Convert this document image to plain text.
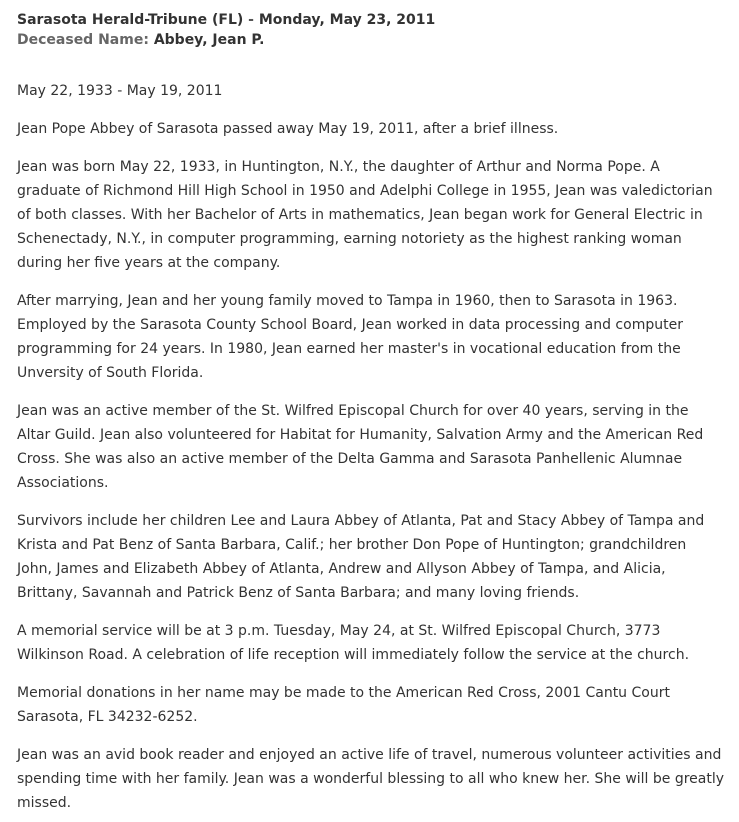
Sarasota Herald-Tribune (FL) - Monday, May 23, 2011
Deceased Name: Abbey, Jean P.
May 22, 1933 - May 19, 2011

Jean Pope Abbey of Sarasota passed away May 19, 2011, after a brief illness.

Jean was born May 22, 1933, in Huntington, N.Y., the daughter of Arthur and Norma Pope. A graduate of Richmond Hill High School in 1950 and Adelphi College in 1955, Jean was valedictorian of both classes. With her Bachelor of Arts in mathematics, Jean began work for General Electric in Schenectady, N.Y., in computer programming, earning notoriety as the highest ranking woman during her five years at the company.

After marrying, Jean and her young family moved to Tampa in 1960, then to Sarasota in 1963. Employed by the Sarasota County School Board, Jean worked in data processing and computer programming for 24 years. In 1980, Jean earned her master's in vocational education from the Unversity of South Florida.

Jean was an active member of the St. Wilfred Episcopal Church for over 40 years, serving in the Altar Guild. Jean also volunteered for Habitat for Humanity, Salvation Army and the American Red Cross. She was also an active member of the Delta Gamma and Sarasota Panhellenic Alumnae Associations.

Survivors include her children Lee and Laura Abbey of Atlanta, Pat and Stacy Abbey of Tampa and Krista and Pat Benz of Santa Barbara, Calif.; her brother Don Pope of Huntington; grandchildren John, James and Elizabeth Abbey of Atlanta, Andrew and Allyson Abbey of Tampa, and Alicia, Brittany, Savannah and Patrick Benz of Santa Barbara; and many loving friends.

A memorial service will be at 3 p.m. Tuesday, May 24, at St. Wilfred Episcopal Church, 3773 Wilkinson Road. A celebration of life reception will immediately follow the service at the church.

Memorial donations in her name may be made to the American Red Cross, 2001 Cantu Court Sarasota, FL 34232-6252.

Jean was an avid book reader and enjoyed an active life of travel, numerous volunteer activities and spending time with her family. Jean was a wonderful blessing to all who knew her. She will be greatly missed.
